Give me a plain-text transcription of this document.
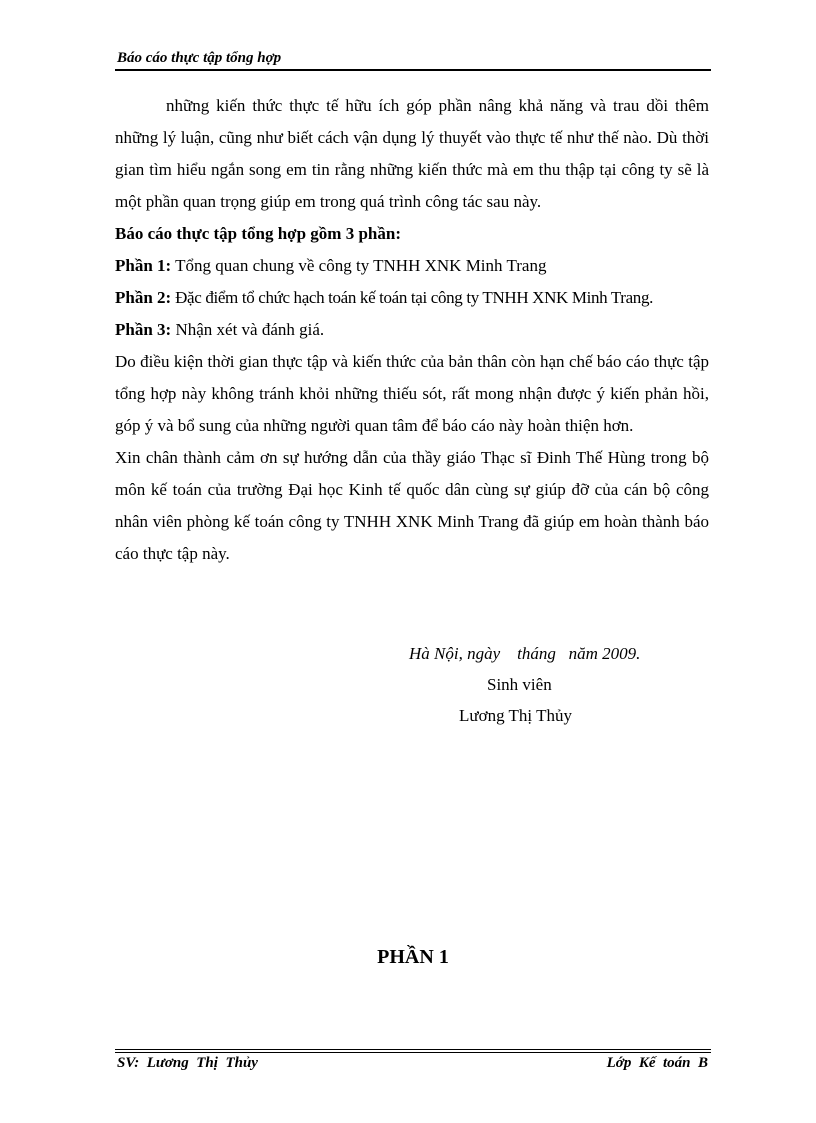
Báo cáo thực tập tổng hợp

những kiến thức thực tế hữu ích góp phần nâng khả năng và trau dồi thêm những lý luận, cũng như biết cách vận dụng lý thuyết vào thực tế như thế nào. Dù thời gian tìm hiểu ngắn song em tin rằng những kiến thức mà em thu thập tại công ty sẽ là một phần quan trọng giúp em trong quá trình công tác sau này.

Báo cáo thực tập tổng hợp gồm 3 phần:

Phần 1: Tổng quan chung về công ty TNHH XNK Minh Trang

Phần 2: Đặc điểm tổ chức hạch toán kế toán tại công ty TNHH XNK Minh Trang.

Phần 3: Nhận xét và đánh giá.

Do điều kiện thời gian thực tập và kiến thức của bản thân còn hạn chế báo cáo thực tập tổng hợp này không tránh khỏi những thiếu sót, rất mong nhận được ý kiến phản hồi, góp ý và bổ sung của những người quan tâm để báo cáo này hoàn thiện hơn.

Xin chân thành cảm ơn sự hướng dẫn của thầy giáo Thạc sĩ Đinh Thế Hùng trong bộ môn kế toán của trường Đại học Kinh tế quốc dân cùng sự giúp đỡ của cán bộ công nhân viên phòng kế toán công ty TNHH XNK Minh Trang đã giúp em hoàn thành báo cáo thực tập này.

Hà Nội, ngày    tháng   năm 2009.
Sinh viên
Lương Thị Thủy
PHẦN 1
SV:  Lương  Thị  Thủy	Lớp  Kế  toán  B
